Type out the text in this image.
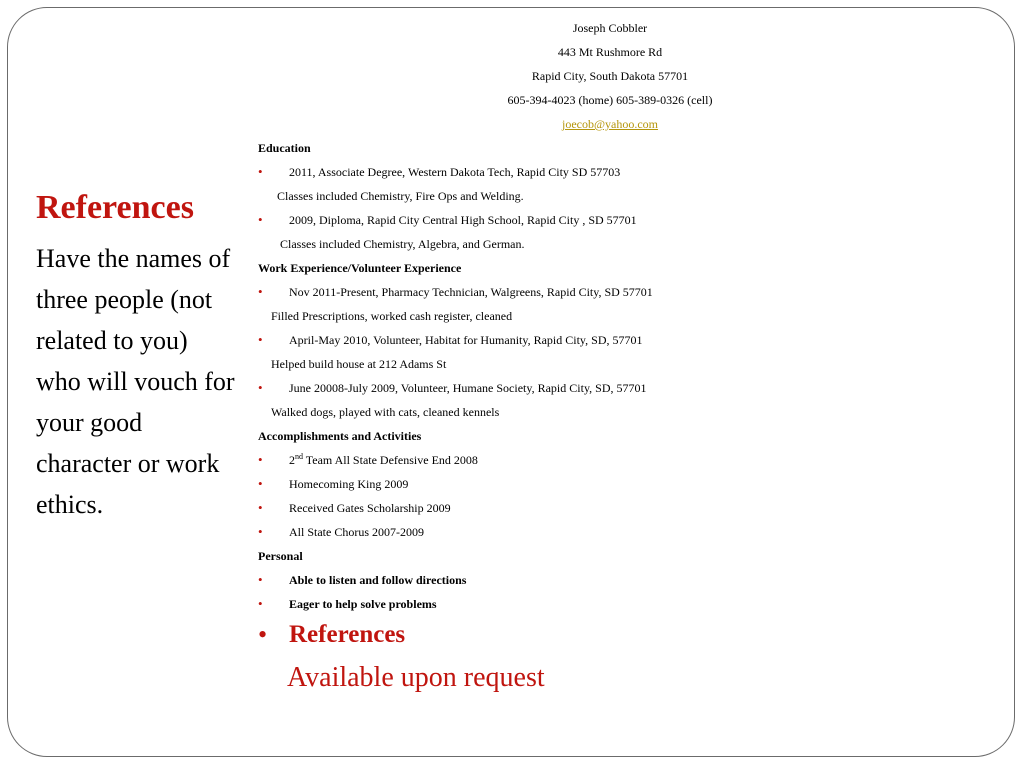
References

Have the names of three people (not related to you) who will vouch for your good character or work ethics.

Joseph Cobbler
443 Mt Rushmore Rd
Rapid City, South Dakota 57701
605-394-4023 (home) 605-389-0326 (cell)
joecob@yahoo.com
Education
• 2011, Associate Degree, Western Dakota Tech, Rapid City SD 57703
Classes included Chemistry, Fire Ops and Welding.
• 2009, Diploma, Rapid City Central High School, Rapid City , SD 57701
Classes included Chemistry, Algebra, and German.
Work Experience/Volunteer Experience
• Nov 2011-Present, Pharmacy Technician, Walgreens, Rapid City, SD 57701
Filled Prescriptions, worked cash register, cleaned
• April-May 2010, Volunteer, Habitat for Humanity, Rapid City, SD, 57701
Helped build house at 212 Adams St
• June 20008-July 2009, Volunteer, Humane Society, Rapid City, SD, 57701
Walked dogs, played with cats, cleaned kennels
Accomplishments and Activities
• 2nd Team All State Defensive End 2008
• Homecoming King 2009
• Received Gates Scholarship 2009
• All State Chorus 2007-2009
Personal
• Able to listen and follow directions
• Eager to help solve problems
• References
Available upon request
